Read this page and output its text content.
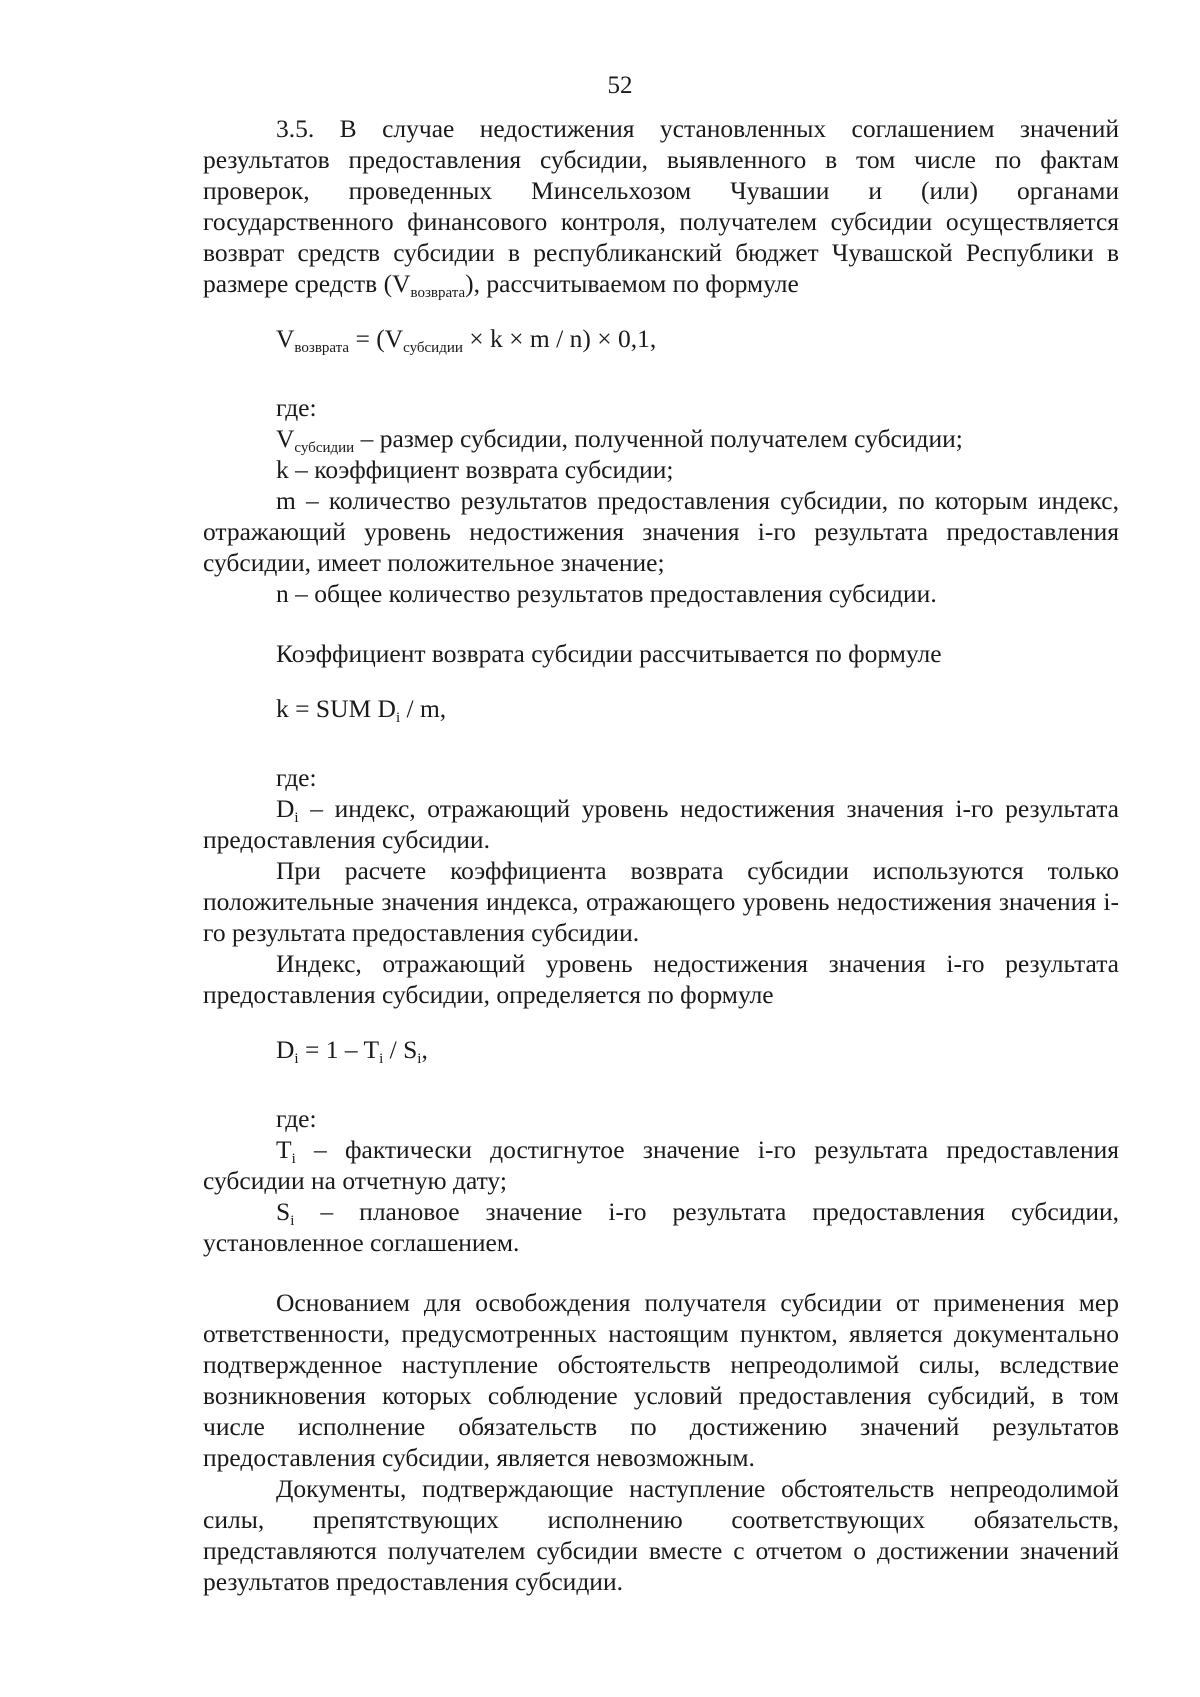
52

3.5. В случае недостижения установленных соглашением значений результатов предоставления субсидии, выявленного в том числе по фактам проверок, проведенных Минсельхозом Чувашии и (или) органами государственного финансового контроля, получателем субсидии осуществляется возврат средств субсидии в республиканский бюджет Чувашской Республики в размере средств $(V_{возврата})$, рассчитываемом по формуле

$V_{возврата} = (V_{субсидии} \times k \times m / n) \times 0,1$,
где:
$V_{субсидии}$ – размер субсидии, полученной получателем субсидии;
k – коэффициент возврата субсидии;

m – количество результатов предоставления субсидии, по которым индекс, отражающий уровень недостижения значения i-го результата предоставления субсидии, имеет положительное значение;

n – общее количество результатов предоставления субсидии.
Коэффициент возврата субсидии рассчитывается по формуле
k = SUM $D_i$ / m,
где:

$D_i$ – индекс, отражающий уровень недостижения значения i-го результата предоставления субсидии.

При расчете коэффициента возврата субсидии используются только положительные значения индекса, отражающего уровень недостижения значения i-го результата предоставления субсидии.

Индекс, отражающий уровень недостижения значения i-го результата предоставления субсидии, определяется по формуле

$D_i = 1 - T_i / S_i$,
где:

$T_i$ – фактически достигнутое значение i-го результата предоставления субсидии на отчетную дату;

$S_i$ – плановое значение i-го результата предоставления субсидии, установленное соглашением.

Основанием для освобождения получателя субсидии от применения мер ответственности, предусмотренных настоящим пунктом, является документально подтвержденное наступление обстоятельств непреодолимой силы, вследствие возникновения которых соблюдение условий предоставления субсидий, в том числе исполнение обязательств по достижению значений результатов предоставления субсидии, является невозможным.

Документы, подтверждающие наступление обстоятельств непреодолимой силы, препятствующих исполнению соответствующих обязательств, представляются получателем субсидии вместе с отчетом о достижении значений результатов предоставления субсидии.
